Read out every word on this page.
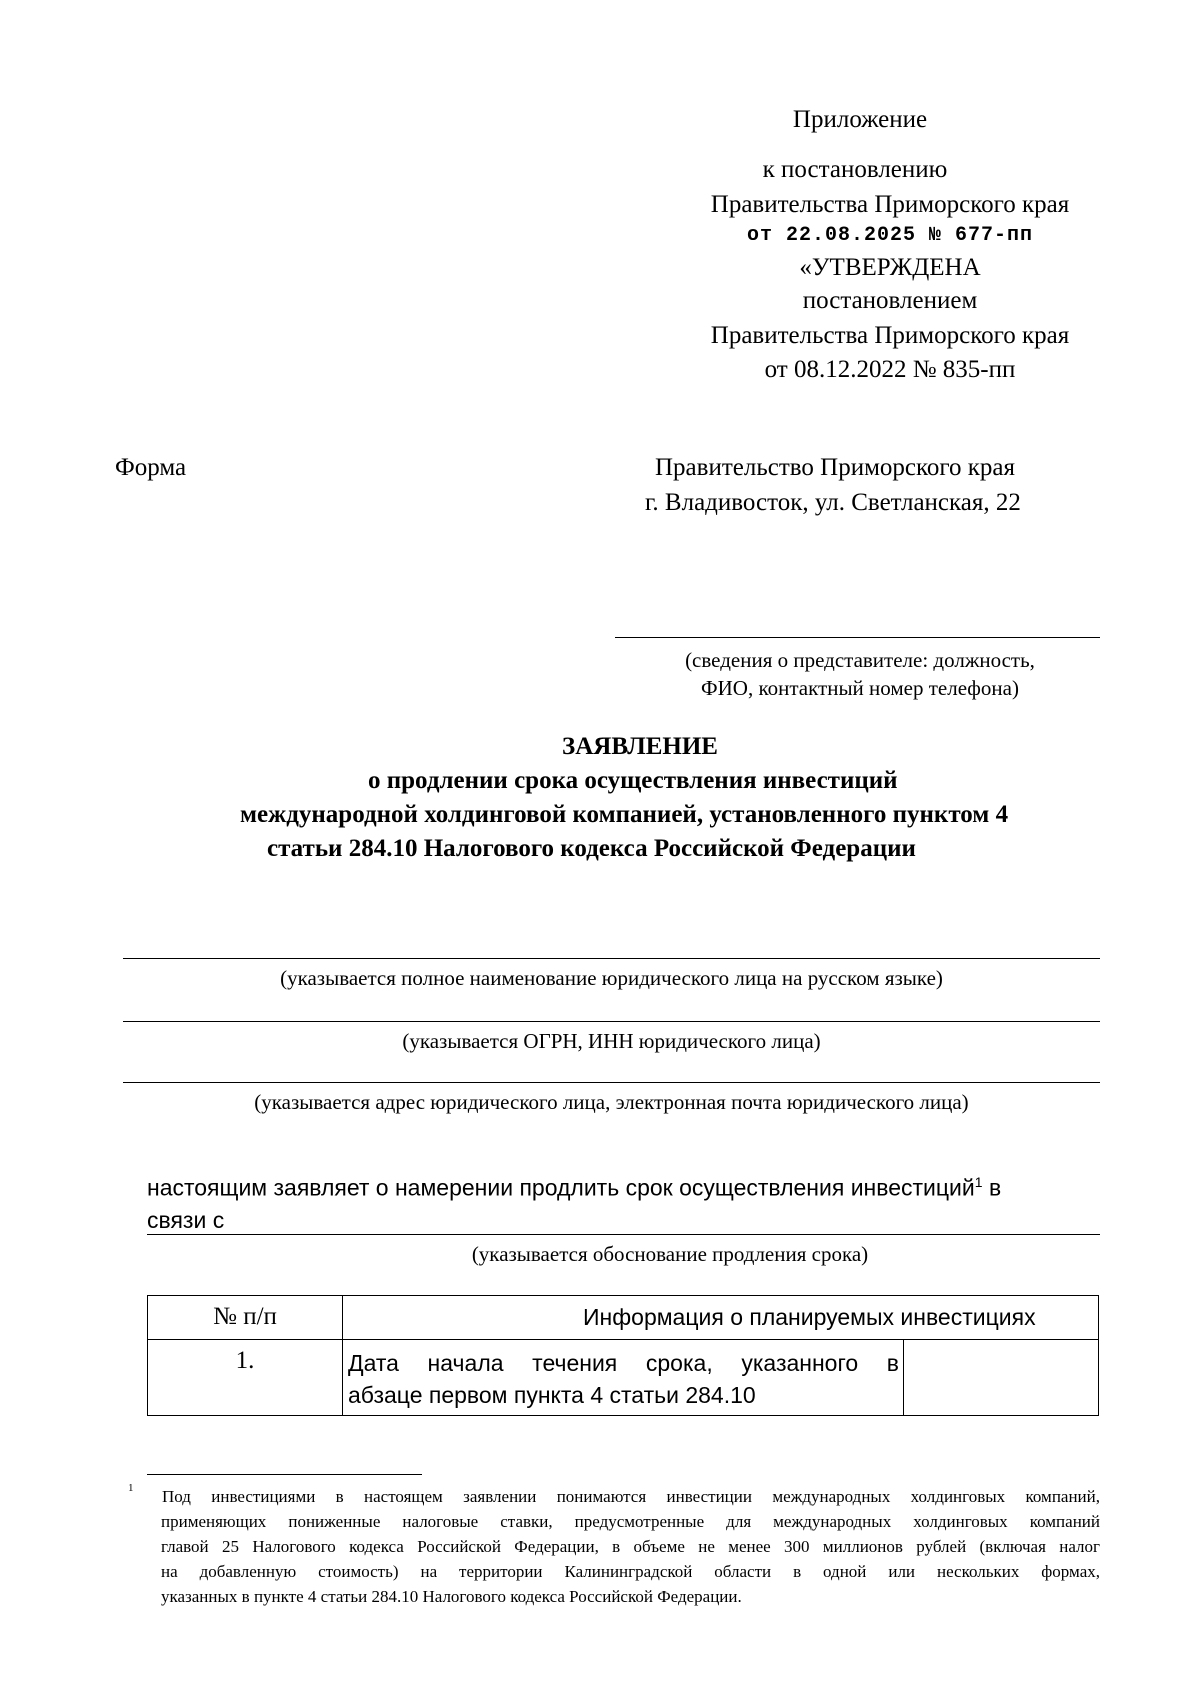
Приложение
к постановлению
Правительства Приморского края
от 22.08.2025 № 677-пп
«УТВЕРЖДЕНА
постановлением
Правительства Приморского края
от 08.12.2022 № 835-пп
Форма	Правительство Приморского края
г. Владивосток, ул. Светланская, 22
(сведения о представителе: должность,
ФИО, контактный номер телефона)
ЗАЯВЛЕНИЕ
о продлении срока осуществления инвестиций
международной холдинговой компанией, установленного пунктом 4
статьи 284.10 Налогового кодекса Российской Федерации
(указывается полное наименование юридического лица на русском языке)
(указывается ОГРН, ИНН юридического лица)
(указывается адрес юридического лица, электронная почта юридического лица)
настоящим заявляет о намерении продлить срок осуществления инвестиций$^1$ в
связи с
(указывается обоснование продления срока)
№ п/п	Информация о планируемых инвестициях	

1.	Дата начала течения срока, указанного в
абзаце первом пункта 4 статьи 284.10	

1 Под инвестициями в настоящем заявлении понимаются инвестиции международных холдинговых компаний,
применяющих пониженные налоговые ставки, предусмотренные для международных холдинговых компаний
главой 25 Налогового кодекса Российской Федерации, в объеме не менее 300 миллионов рублей (включая налог
на добавленную стоимость) на территории Калининградской области в одной или нескольких формах,
указанных в пункте 4 статьи 284.10 Налогового кодекса Российской Федерации.
